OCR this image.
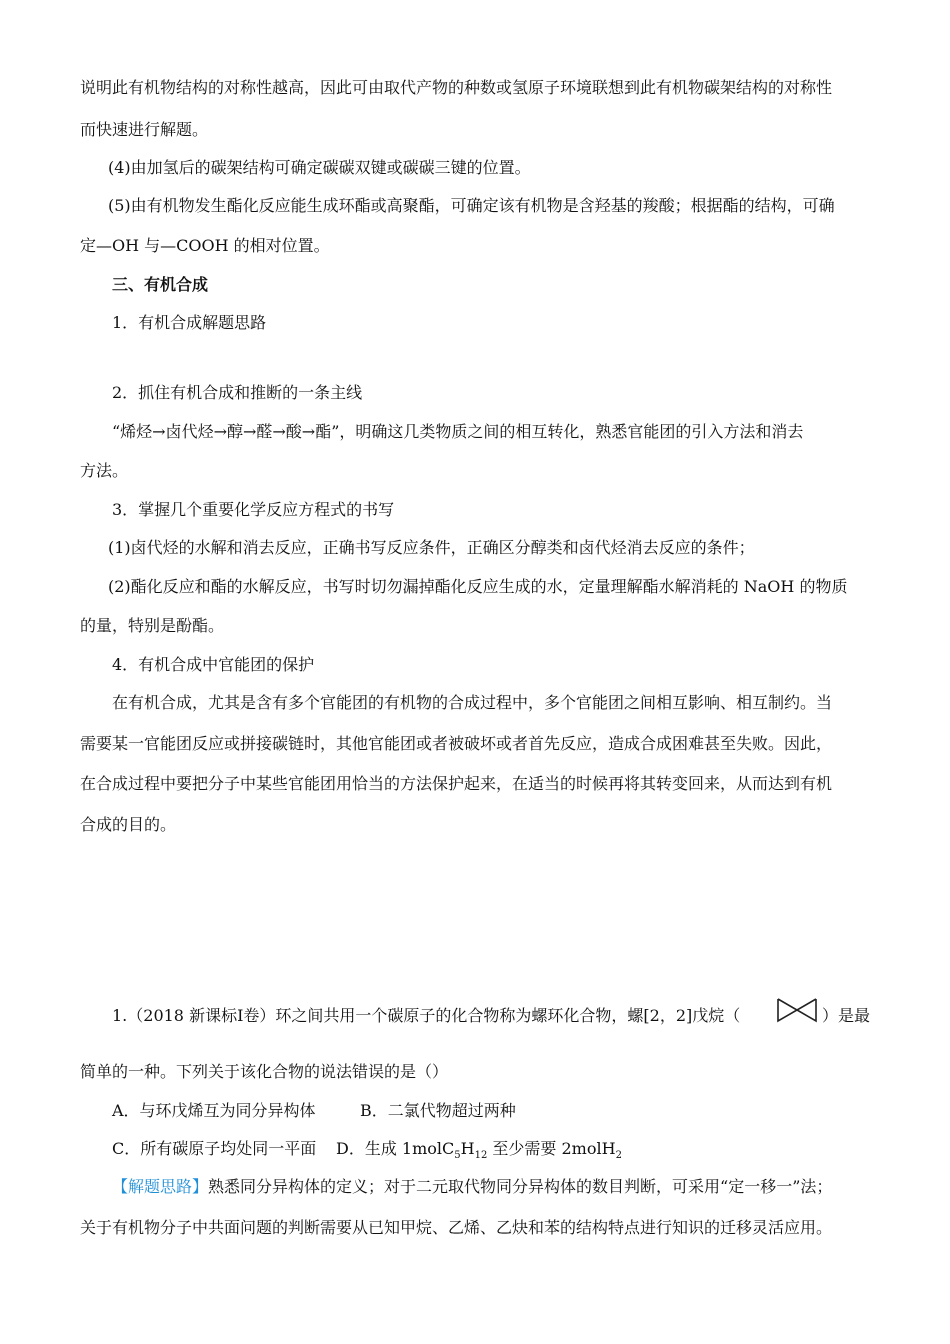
说明此有机物结构的对称性越高，因此可由取代产物的种数或氢原子环境联想到此有机物碳架结构的对称性
而快速进行解题。
(4)由加氢后的碳架结构可确定碳碳双键或碳碳三键的位置。
(5)由有机物发生酯化反应能生成环酯或高聚酯，可确定该有机物是含羟基的羧酸；根据酯的结构，可确
定—OH 与—COOH 的相对位置。
三、有机合成
1．有机合成解题思路
2．抓住有机合成和推断的一条主线
“烯烃→卤代烃→醇→醛→酸→酯”，明确这几类物质之间的相互转化，熟悉官能团的引入方法和消去
方法。
3．掌握几个重要化学反应方程式的书写
(1)卤代烃的水解和消去反应，正确书写反应条件，正确区分醇类和卤代烃消去反应的条件；
(2)酯化反应和酯的水解反应，书写时切勿漏掉酯化反应生成的水，定量理解酯水解消耗的 NaOH 的物质
的量，特别是酚酯。
4．有机合成中官能团的保护
在有机合成，尤其是含有多个官能团的有机物的合成过程中，多个官能团之间相互影响、相互制约。当
需要某一官能团反应或拼接碳链时，其他官能团或者被破坏或者首先反应，造成合成困难甚至失败。因此，
在合成过程中要把分子中某些官能团用恰当的方法保护起来，在适当的时候再将其转变回来，从而达到有机
合成的目的。
1.（2018 新课标Ⅰ卷）环之间共用一个碳原子的化合物称为螺环化合物，螺[2，2]戊烷（	）是最
简单的一种。下列关于该化合物的说法错误的是（）
A．与环戊烯互为同分异构体	B．二氯代物超过两种
C．所有碳原子均处同一平面 D．生成 $1molC_5H_{12}$ 至少需要 2molH$_2$
【解题思路】熟悉同分异构体的定义；对于二元取代物同分异构体的数目判断，可采用“定一移一”法；
关于有机物分子中共面问题的判断需要从已知甲烷、乙烯、乙炔和苯的结构特点进行知识的迁移灵活应用。
